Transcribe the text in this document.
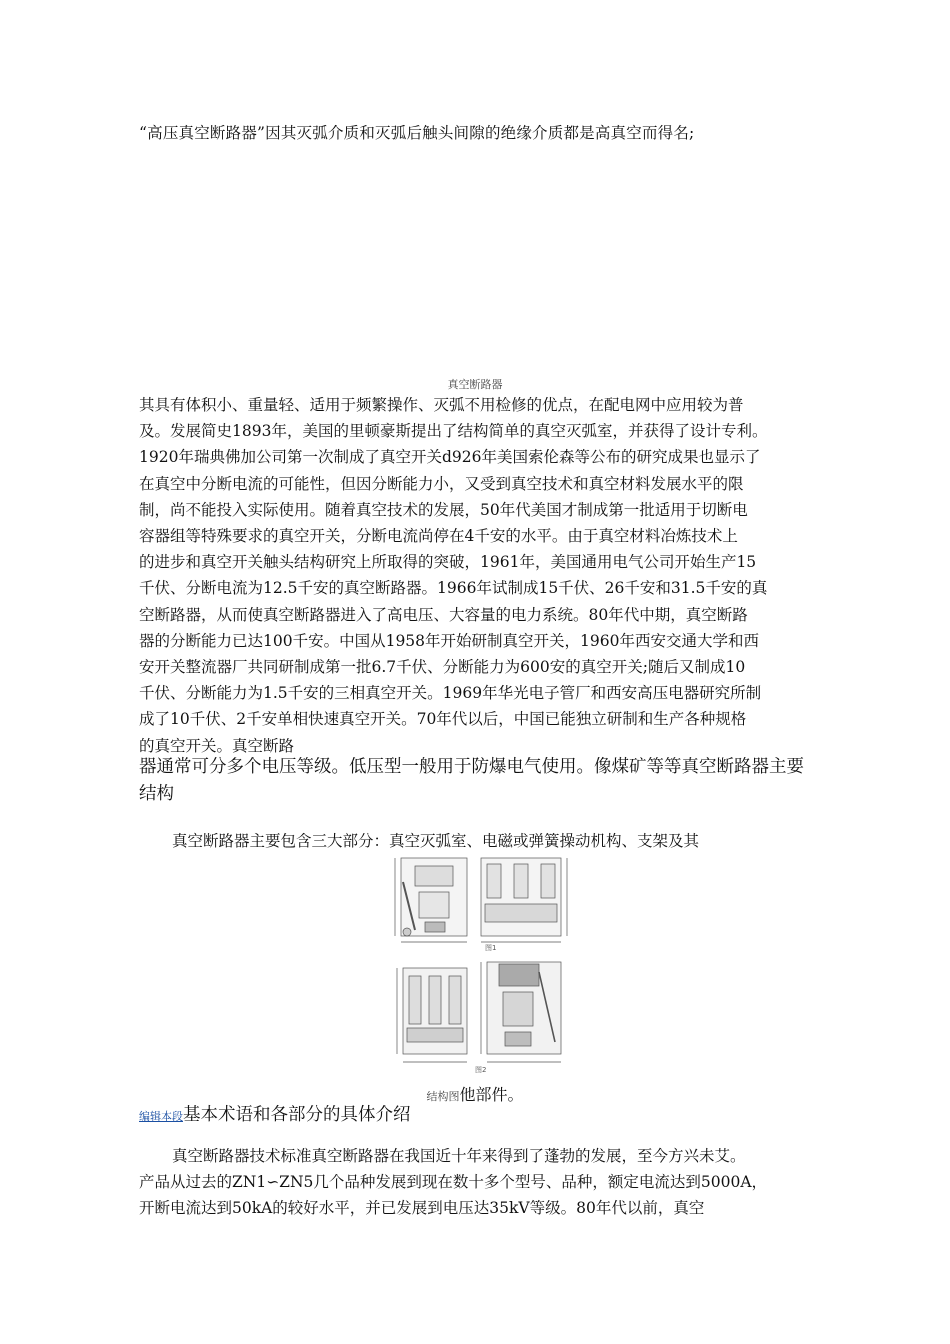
“高压真空断路器”因其灭弧介质和灭弧后触头间隙的绝缘介质都是高真空而得名;
真空断路器
其具有体积小、重量轻、适用于频繁操作、灭弧不用检修的优点，在配电网中应用较为普
及。发展简史1893年，美国的里顿豪斯提出了结构简单的真空灭弧室，并获得了设计专利。
1920年瑞典佛加公司第一次制成了真空开关d926年美国索伦森等公布的研究成果也显示了
在真空中分断电流的可能性，但因分断能力小，又受到真空技术和真空材料发展水平的限
制，尚不能投入实际使用。随着真空技术的发展，50年代美国才制成第一批适用于切断电
容器组等特殊要求的真空开关，分断电流尚停在4千安的水平。由于真空材料冶炼技术上
的进步和真空开关触头结构研究上所取得的突破，1961年，美国通用电气公司开始生产15
千伏、分断电流为12.5千安的真空断路器。1966年试制成15千伏、26千安和31.5千安的真
空断路器，从而使真空断路器进入了高电压、大容量的电力系统。80年代中期，真空断路
器的分断能力已达100千安。中国从1958年开始研制真空开关，1960年西安交通大学和西
安开关整流器厂共同研制成第一批6.7千伏、分断能力为600安的真空开关;随后又制成10
千伏、分断能力为1.5千安的三相真空开关。1969年华光电子管厂和西安高压电器研究所制
成了10千伏、2千安单相快速真空开关。70年代以后，中国已能独立研制和生产各种规格
的真空开关。真空断路
器通常可分多个电压等级。低压型一般用于防爆电气使用。像煤矿等等真空断路器主要
结构
真空断路器主要包含三大部分：真空灭弧室、电磁或弹簧操动机构、支架及其
图1
图2
结构图他部件。
编辑本段基本术语和各部分的具体介绍
真空断路器技术标准真空断路器在我国近十年来得到了蓬勃的发展，至今方兴未艾。
产品从过去的ZN1∽ZN5几个品种发展到现在数十多个型号、品种，额定电流达到5000A，
开断电流达到50kA的较好水平，并已发展到电压达35kV等级。80年代以前，真空
